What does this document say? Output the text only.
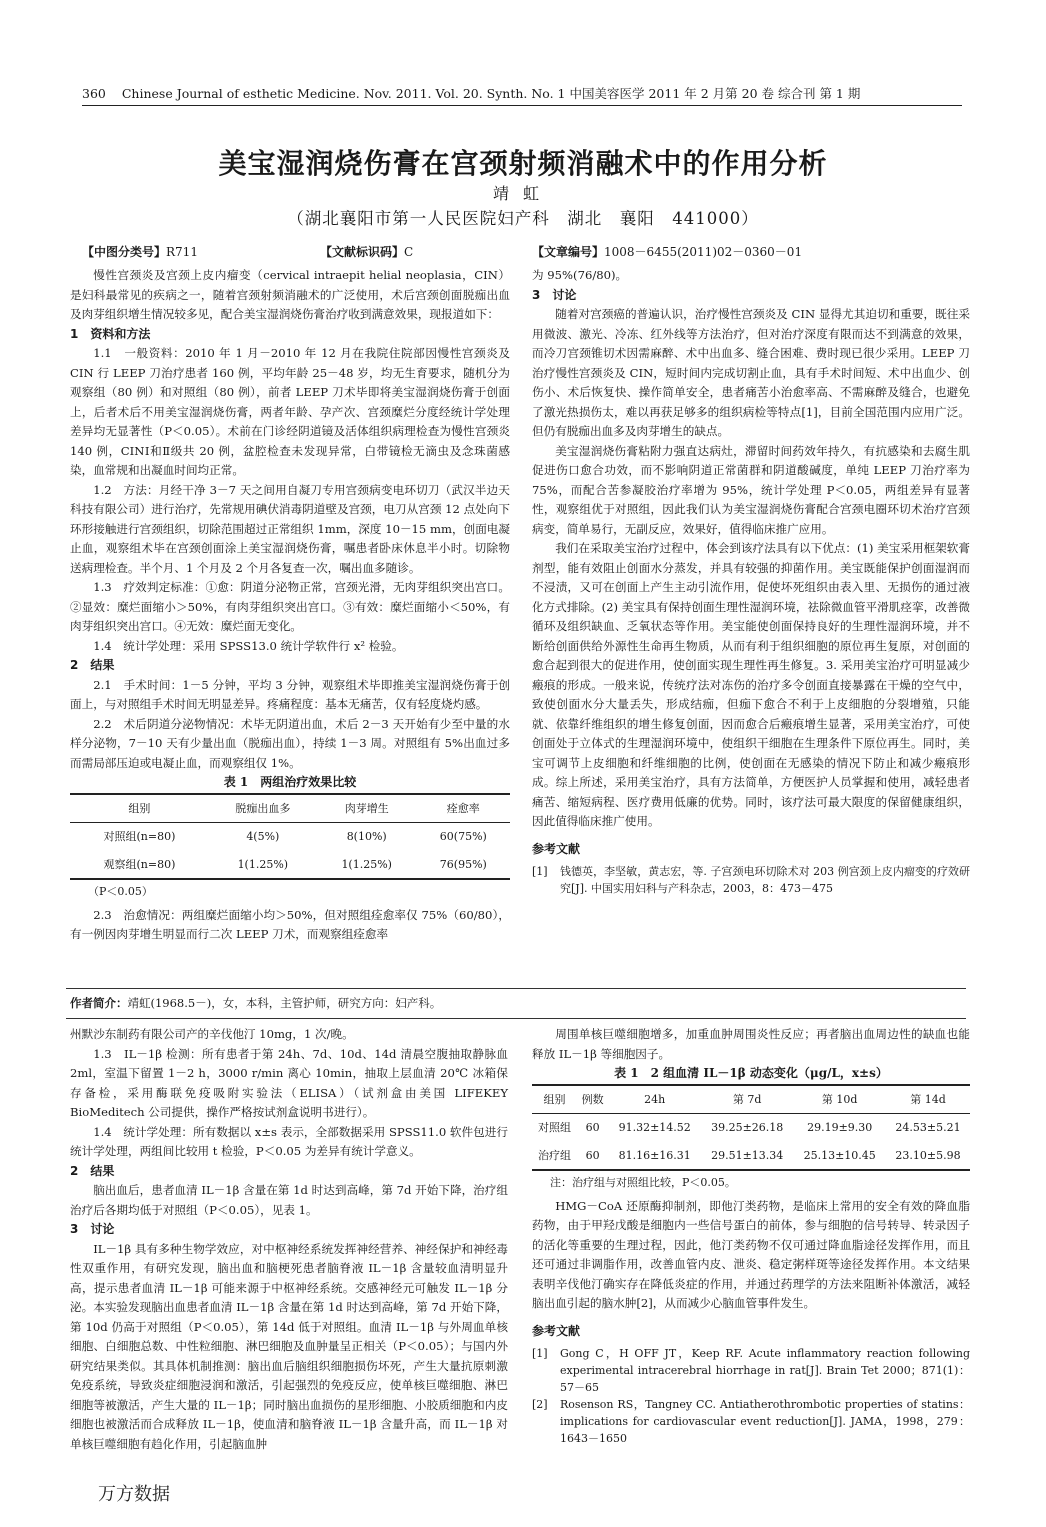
360 Chinese Journal of esthetic Medicine. Nov. 2011. Vol. 20. Synth. No. 1 中国美容医学 2011 年 2 月第 20 卷 综合刊 第 1 期
美宝湿润烧伤膏在宫颈射频消融术中的作用分析
靖虹
（湖北襄阳市第一人民医院妇产科　湖北　襄阳　441000）
【中图分类号】R711	【文献标识码】C	【文章编号】1008－6455(2011)02－0360－01

慢性宫颈炎及宫颈上皮内瘤变（cervical intraepit helial neoplasia，CIN）是妇科最常见的疾病之一，随着宫颈射频消融术的广泛使用，术后宫颈创面脱痂出血及肉芽组织增生情况较多见，配合美宝湿润烧伤膏治疗收到满意效果，现报道如下：

1　资料和方法

1.1　一般资料：2010 年 1 月－2010 年 12 月在我院住院部因慢性宫颈炎及 CIN 行 LEEP 刀治疗患者 160 例，平均年龄 25－48 岁，均无生育要求，随机分为观察组（80 例）和对照组（80 例），前者 LEEP 刀术毕即将美宝湿润烧伤膏于创面上，后者术后不用美宝湿润烧伤膏，两者年龄、孕产次、宫颈糜烂分度经统计学处理差异均无显著性（P＜0.05）。术前在门诊经阴道镜及活体组织病理检查为慢性宫颈炎 140 例，CINⅠ和Ⅱ级共 20 例，盆腔检查未发现异常，白带镜检无滴虫及念珠菌感染，血常规和出凝血时间均正常。

1.2　方法：月经干净 3－7 天之间用自凝刀专用宫颈病变电环切刀（武汉半边天科技有限公司）进行治疗，先常规用碘伏消毒阴道壁及宫颈，电刀从宫颈 12 点处向下环形接触进行宫颈组织，切除范围超过正常组织 1mm，深度 10－15 mm，创面电凝止血，观察组术毕在宫颈创面涂上美宝湿润烧伤膏，嘱患者卧床休息半小时。切除物送病理检查。半个月、1 个月及 2 个月各复查一次，嘱出血多随诊。

1.3　疗效判定标准：①愈：阴道分泌物正常，宫颈光滑，无肉芽组织突出宫口。②显效：糜烂面缩小＞50%，有肉芽组织突出宫口。③有效：糜烂面缩小＜50%，有肉芽组织突出宫口。④无效：糜烂面无变化。

1.4　统计学处理：采用 SPSS13.0 统计学软件行 x² 检验。

2　结果

2.1　手术时间：1－5 分钟，平均 3 分钟，观察组术毕即推美宝湿润烧伤膏于创面上，与对照组手术时间无明显差异。疼痛程度：基本无痛苦，仅有轻度烧灼感。

2.2　术后阴道分泌物情况：术毕无阴道出血，术后 2－3 天开始有少至中量的水样分泌物，7－10 天有少量出血（脱痂出血），持续 1－3 周。对照组有 5%出血过多而需局部压迫或电凝止血，而观察组仅 1%。

表 1　两组治疗效果比较
组别	脱痂出血多	肉芽增生	痊愈率
对照组(n=80)	4(5%)	8(10%)	60(75%)
观察组(n=80)	1(1.25%)	1(1.25%)	76(95%)
（P＜0.05）

2.3　治愈情况：两组糜烂面缩小均＞50%，但对照组痊愈率仅 75%（60/80），有一例因肉芽增生明显而行二次 LEEP 刀术，而观察组痊愈率

为 95%(76/80)。

3　讨论

随着对宫颈癌的普遍认识，治疗慢性宫颈炎及 CIN 显得尤其迫切和重要，既往采用微波、激光、冷冻、红外线等方法治疗，但对治疗深度有限而达不到满意的效果，而冷刀宫颈锥切术因需麻醉、术中出血多、缝合困难、费时现已很少采用。LEEP 刀治疗慢性宫颈炎及 CIN，短时间内完成切割止血，具有手术时间短、术中出血少、创伤小、术后恢复快、操作简单安全，患者痛苦小治愈率高、不需麻醉及缝合，也避免了激光热损伤太，难以再获足够多的组织病检等特点[1]，目前全国范围内应用广泛。但仍有脱痂出血多及肉芽增生的缺点。

美宝湿润烧伤膏粘附力强直达病灶，滞留时间药效年持久，有抗感染和去腐生肌促进伤口愈合功效，而不影响阴道正常菌群和阴道酸碱度，单纯 LEEP 刀治疗率为 75%，而配合苦参凝胶治疗率增为 95%，统计学处理 P＜0.05，两组差异有显著性，观察组优于对照组，因此我们认为美宝湿润烧伤膏配合宫颈电圈环切术治疗宫颈病变，简单易行，无副反应，效果好，值得临床推广应用。

我们在采取美宝治疗过程中，体会到该疗法具有以下优点：(1) 美宝采用框架软膏剂型，能有效阻止创面水分蒸发，并具有较强的抑菌作用。美宝既能保护创面湿润而不浸渍，又可在创面上产生主动引流作用，促使坏死组织由表入里、无损伤的通过液化方式排除。(2) 美宝具有保持创面生理性湿润环境，祛除微血管平滑肌痉挛，改善微循环及组织缺血、乏氧状态等作用。美宝能使创面保持良好的生理性湿润环境，并不断给创面供给外源性生命再生物质，从而有利于组织细胞的原位再生复原，对创面的愈合起到很大的促进作用，使创面实现生理性再生修复。3. 采用美宝治疗可明显减少瘢痕的形成。一般来说，传统疗法对冻伤的治疗多令创面直接暴露在干燥的空气中，致使创面水分大量丢失，形成结痂，但痂下愈合不利于上皮细胞的分裂增殖，只能就、依靠纤维组织的增生修复创面，因而愈合后瘢痕增生显著，采用美宝治疗，可使创面处于立体式的生理湿润环境中，使组织干细胞在生理条件下原位再生。同时，美宝可调节上皮细胞和纤维细胞的比例，使创面在无感染的情况下防止和减少瘢痕形成。综上所述，采用美宝治疗，具有方法简单，方便医护人员掌握和使用，减轻患者痛苦、缩短病程、医疗费用低廉的优势。同时，该疗法可最大限度的保留健康组织，因此值得临床推广使用。

参考文献
[1]	钱德英，李坚敏，黄志宏，等. 子宫颈电环切除术对 203 例宫颈上皮内瘤变的疗效研究[J]. 中国实用妇科与产科杂志，2003，8：473－475
作者简介：靖虹(1968.5－)，女，本科，主管护师，研究方向：妇产科。

州默沙东制药有限公司产的辛伐他汀 10mg，1 次/晚。

1.3　IL－1β 检测：所有患者于第 24h、7d、10d、14d 清晨空腹抽取静脉血 2ml，室温下留置 1－2 h，3000 r/min 离心 10min，抽取上层血清 20℃ 冰箱保存备检，采用酶联免疫吸附实验法（ELISA）（试剂盒由美国 LIFEKEY BioMeditech 公司提供，操作严格按试剂盒说明书进行）。

1.4　统计学处理：所有数据以 x±s 表示，全部数据采用 SPSS11.0 软件包进行统计学处理，两组间比较用 t 检验，P＜0.05 为差异有统计学意义。

2　结果

脑出血后，患者血清 IL－1β 含量在第 1d 时达到高峰，第 7d 开始下降，治疗组治疗后各期均低于对照组（P＜0.05），见表 1。

3　讨论

IL－1β 具有多种生物学效应，对中枢神经系统发挥神经营养、神经保护和神经毒性双重作用，有研究发现，脑出血和脑梗死患者脑脊液 IL－1β 含量较血清明显升高，提示患者血清 IL－1β 可能来源于中枢神经系统。交感神经元可触发 IL－1β 分泌。本实验发现脑出血患者血清 IL－1β 含量在第 1d 时达到高峰，第 7d 开始下降，第 10d 仍高于对照组（P＜0.05），第 14d 低于对照组。血清 IL－1β 与外周血单核细胞、白细胞总数、中性粒细胞、淋巴细胞及血肿量呈正相关（P＜0.05）；与国内外研究结果类似。其具体机制推测：脑出血后脑组织细胞损伤坏死，产生大量抗原刺激免疫系统，导致炎症细胞浸润和激活，引起强烈的免疫反应，使单核巨噬细胞、淋巴细胞等被激活，产生大量的 IL－1β；同时脑出血损伤的星形细胞、小胶质细胞和内皮细胞也被激活而合成释放 IL－1β，使血清和脑脊液 IL－1β 含量升高，而 IL－1β 对单核巨噬细胞有趋化作用，引起脑血肿

周围单核巨噬细胞增多，加重血肿周围炎性反应；再者脑出血周边性的缺血也能释放 IL－1β 等细胞因子。

表 1　2 组血清 IL－1β 动态变化（μg/L，x±s）
组别	例数	24h	第 7d	第 10d	第 14d
对照组	60	91.32±14.52	39.25±26.18	29.19±9.30	24.53±5.21
治疗组	60	81.16±16.31	29.51±13.34	25.13±10.45	23.10±5.98
注：治疗组与对照组比较，P＜0.05。

HMG－CoA 还原酶抑制剂，即他汀类药物，是临床上常用的安全有效的降血脂药物，由于甲羟戊酸是细胞内一些信号蛋白的前体，参与细胞的信号转导、转录因子的活化等重要的生理过程，因此，他汀类药物不仅可通过降血脂途径发挥作用，而且还可通过非调脂作用，改善血管内皮、泄炎、稳定粥样斑等途径发挥作用。本文结果表明辛伐他汀确实存在降低炎症的作用，并通过药理学的方法来阻断补体激活，减轻脑出血引起的脑水肿[2]，从而减少心脑血管事件发生。

参考文献
[1]	Gong C，H OFF JT，Keep RF. Acute inflammatory reaction following experimental intracerebral hiorrhage in rat[J]. Brain Tet 2000；871(1)：57－65
[2]	Rosenson RS，Tangney CC. Antiatherothrombotic properties of statins：implications for cardiovascular event reduction[J]. JAMA，1998，279：1643－1650
万方数据
